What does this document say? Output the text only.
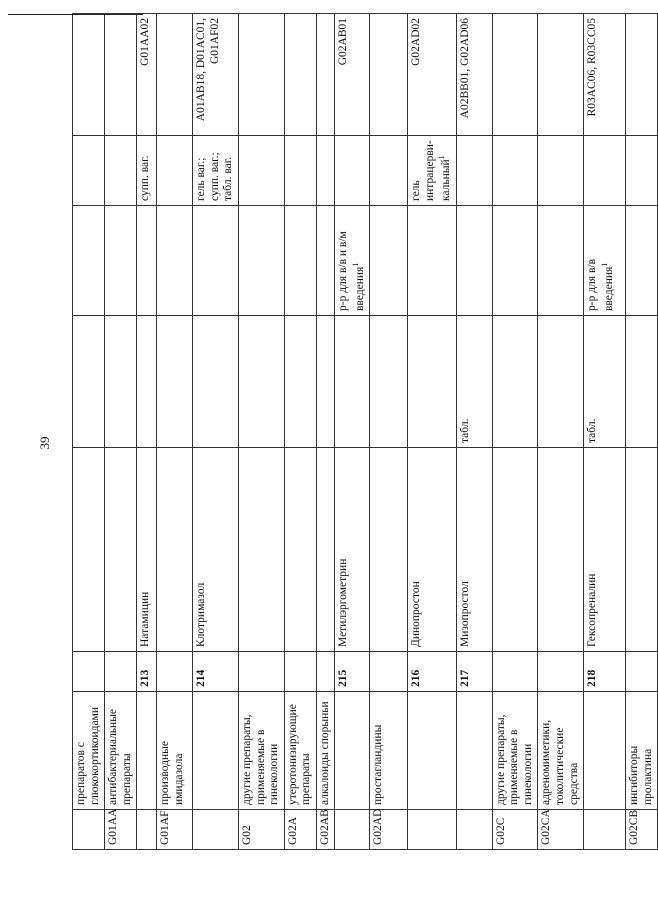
39
	препаратов с глюкокортикоидами						
G01AA	антибактериальные препараты						
		213	Натамицин			супп. ваг.	G01AA02
G01AF	производные имидазола						
		214	Клотримазол			гель ваг.; супп. ваг.; табл. ваг.	A01AB18, D01AC01, G01AF02
G02	другие препараты, применяемые в гинекологии						
G02A	утеротонизирующие препараты						
G02AB	алкалоиды спорыньи						
		215	Метилэргометрин		р-р для в/в и в/м введения$^1$		G02AB01
G02AD	простагландины						
		216	Динопростон			гель интрацерви- кальный$^1$	G02AD02
		217	Мизопростол	табл.			A02BB01, G02AD06
G02C	другие препараты, применяемые в гинекологии						
G02CA	адреномиметики, токолитические средства						
		218	Гексопреналин	табл.	р-р для в/в введения$^1$		R03AC06, R03CC05
G02CB	ингибиторы пролактина						
